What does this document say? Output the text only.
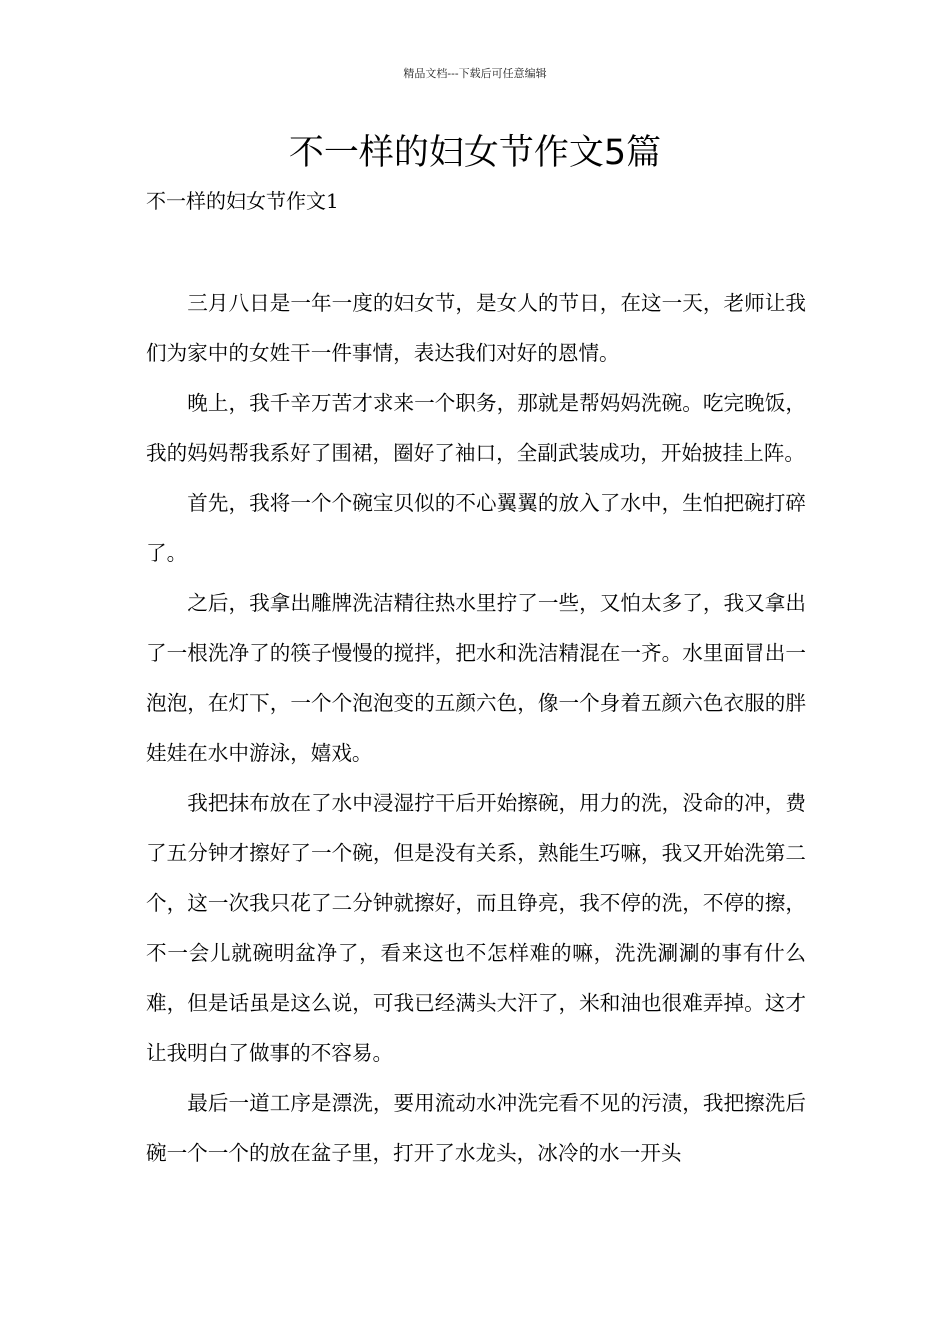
精品文档---下载后可任意编辑
不一样的妇女节作文5篇
不一样的妇女节作文1

三月八日是一年一度的妇女节，是女人的节日，在这一天，老师让我们为家中的女姓干一件事情，表达我们对好的恩情。

晚上，我千辛万苦才求来一个职务，那就是帮妈妈洗碗。吃完晚饭，我的妈妈帮我系好了围裙，圈好了袖口，全副武装成功，开始披挂上阵。

首先，我将一个个碗宝贝似的不心翼翼的放入了水中，生怕把碗打碎了。

之后，我拿出雕牌洗洁精往热水里拧了一些，又怕太多了，我又拿出了一根洗净了的筷子慢慢的搅拌，把水和洗洁精混在一齐。水里面冒出一泡泡，在灯下，一个个泡泡变的五颜六色，像一个身着五颜六色衣服的胖娃娃在水中游泳，嬉戏。

我把抹布放在了水中浸湿拧干后开始擦碗，用力的洗，没命的冲，费了五分钟才擦好了一个碗，但是没有关系，熟能生巧嘛，我又开始洗第二个，这一次我只花了二分钟就擦好，而且铮亮，我不停的洗，不停的擦，不一会儿就碗明盆净了，看来这也不怎样难的嘛，洗洗涮涮的事有什么难，但是话虽是这么说，可我已经满头大汗了，米和油也很难弄掉。这才让我明白了做事的不容易。

最后一道工序是漂洗，要用流动水冲洗完看不见的污渍，我把擦洗后碗一个一个的放在盆子里，打开了水龙头，冰冷的水一开头
